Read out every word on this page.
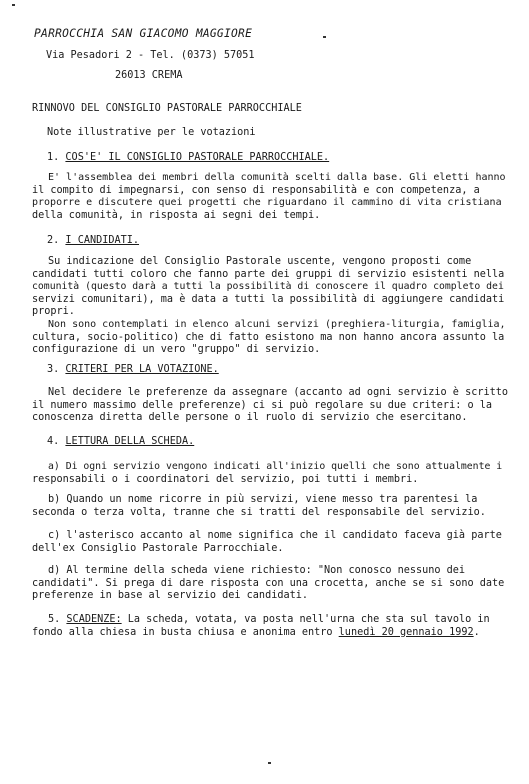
PARROCCHIA SAN GIACOMO MAGGIORE
Via Pesadori 2 - Tel. (0373) 57051
26013 CREMA
RINNOVO DEL CONSIGLIO PASTORALE PARROCCHIALE
Note illustrative per le votazioni
1. COS'E' IL CONSIGLIO PASTORALE PARROCCHIALE.
E' l'assemblea dei membri della comunità scelti dalla base. Gli eletti hanno
il compito di impegnarsi, con senso di responsabilità e con competenza, a
proporre e discutere quei progetti che riguardano il cammino di vita cristiana
della comunità, in risposta ai segni dei tempi.
2. I CANDIDATI.
Su indicazione del Consiglio Pastorale uscente, vengono proposti come
candidati tutti coloro che fanno parte dei gruppi di servizio esistenti nella
comunità (questo darà a tutti la possibilità di conoscere il quadro completo dei
servizi comunitari), ma è data a tutti la possibilità di aggiungere candidati
propri.
Non sono contemplati in elenco alcuni servizi (preghiera-liturgia, famiglia,
cultura, socio-politico) che di fatto esistono ma non hanno ancora assunto la
configurazione di un vero "gruppo" di servizio.
3. CRITERI PER LA VOTAZIONE.
Nel decidere le preferenze da assegnare (accanto ad ogni servizio è scritto
il numero massimo delle preferenze) ci si può regolare su due criteri: o la
conoscenza diretta delle persone o il ruolo di servizio che esercitano.
4. LETTURA DELLA SCHEDA.
a) Di ogni servizio vengono indicati all'inizio quelli che sono attualmente i
responsabili o i coordinatori del servizio, poi tutti i membri.
b) Quando un nome ricorre in più servizi, viene messo tra parentesi la
seconda o terza volta, tranne che si tratti del responsabile del servizio.
c) l'asterisco accanto al nome significa che il candidato faceva già parte
dell'ex Consiglio Pastorale Parrocchiale.
d) Al termine della scheda viene richiesto: "Non conosco nessuno dei
candidati". Si prega di dare risposta con una crocetta, anche se si sono date
preferenze in base al servizio dei candidati.
5. SCADENZE: La scheda, votata, va posta nell'urna che sta sul tavolo in
fondo alla chiesa in busta chiusa e anonima entro lunedì 20 gennaio 1992.
